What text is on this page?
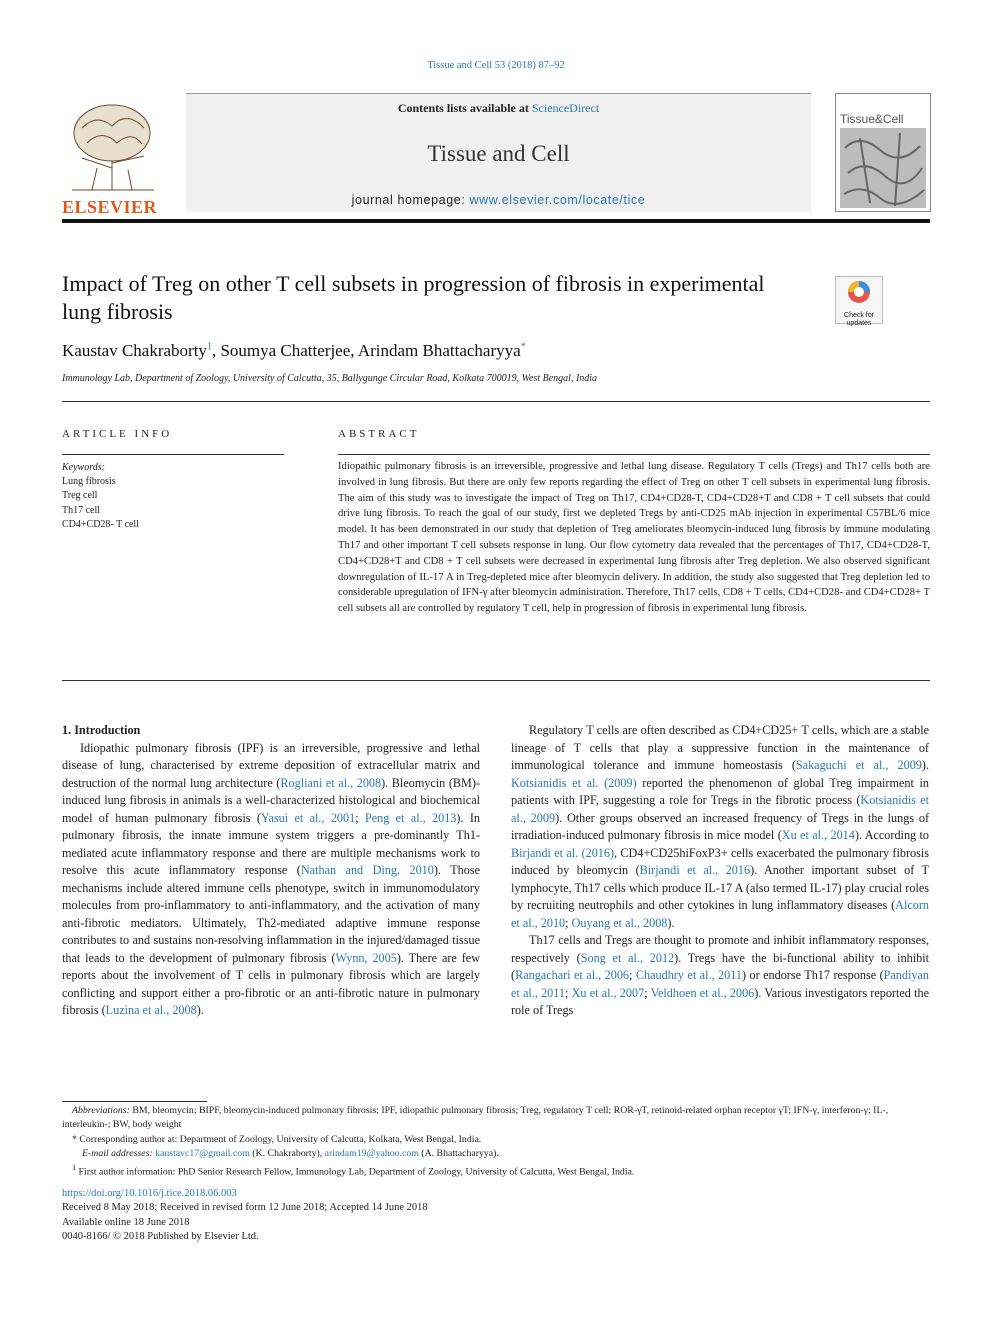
Tissue and Cell 53 (2018) 87–92
ELSEVIER
Contents lists available at ScienceDirect
Tissue and Cell
journal homepage: www.elsevier.com/locate/tice
Tissue&Cell
Impact of Treg on other T cell subsets in progression of fibrosis in experimental lung fibrosis	Check for updates
Kaustav Chakraborty$^1$, Soumya Chatterjee, Arindam Bhattacharyya*
Immunology Lab, Department of Zoology, University of Calcutta, 35, Ballygunge Circular Road, Kolkata 700019, West Bengal, India
ARTICLE INFO	ABSTRACT
Keywords:
Lung fibrosis
Treg cell
Th17 cell
CD4+CD28- T cell
Idiopathic pulmonary fibrosis is an irreversible, progressive and lethal lung disease. Regulatory T cells (Tregs) and Th17 cells both are involved in lung fibrosis. But there are only few reports regarding the effect of Treg on other T cell subsets in experimental lung fibrosis. The aim of this study was to investigate the impact of Treg on Th17, CD4+CD28-T, CD4+CD28+T and CD8 + T cell subsets that could drive lung fibrosis. To reach the goal of our study, first we depleted Tregs by anti-CD25 mAb injection in experimental C57BL/6 mice model. It has been demonstrated in our study that depletion of Treg ameliorates bleomycin-induced lung fibrosis by immune modulating Th17 and other important T cell subsets response in lung. Our flow cytometry data revealed that the percentages of Th17, CD4+CD28-T, CD4+CD28+T and CD8 + T cell subsets were decreased in experimental lung fibrosis after Treg depletion. We also observed significant downregulation of IL-17 A in Treg-depleted mice after bleomycin delivery. In addition, the study also suggested that Treg depletion led to considerable upregulation of IFN-γ after bleomycin administration. Therefore, Th17 cells, CD8 + T cells, CD4+CD28- and CD4+CD28+ T cell subsets all are controlled by regulatory T cell, help in progression of fibrosis in experimental lung fibrosis.

1. Introduction

Idiopathic pulmonary fibrosis (IPF) is an irreversible, progressive and lethal disease of lung, characterised by extreme deposition of extracellular matrix and destruction of the normal lung architecture (Rogliani et al., 2008). Bleomycin (BM)-induced lung fibrosis in animals is a well-characterized histological and biochemical model of human pulmonary fibrosis (Yasui et al., 2001; Peng et al., 2013). In pulmonary fibrosis, the innate immune system triggers a pre-dominantly Th1-mediated acute inflammatory response and there are multiple mechanisms work to resolve this acute inflammatory response (Nathan and Ding, 2010). Those mechanisms include altered immune cells phenotype, switch in immunomodulatory molecules from pro-inflammatory to anti-inflammatory, and the activation of many anti-fibrotic mediators. Ultimately, Th2-mediated adaptive immune response contributes to and sustains non-resolving inflammation in the injured/damaged tissue that leads to the development of pulmonary fibrosis (Wynn, 2005). There are few reports about the involvement of T cells in pulmonary fibrosis which are largely conflicting and support either a pro-fibrotic or an anti-fibrotic nature in pulmonary fibrosis (Luzina et al., 2008).

Regulatory T cells are often described as CD4+CD25+ T cells, which are a stable lineage of T cells that play a suppressive function in the maintenance of immunological tolerance and immune homeostasis (Sakaguchi et al., 2009). Kotsianidis et al. (2009) reported the phenomenon of global Treg impairment in patients with IPF, suggesting a role for Tregs in the fibrotic process (Kotsianidis et al., 2009). Other groups observed an increased frequency of Tregs in the lungs of irradiation-induced pulmonary fibrosis in mice model (Xu et al., 2014). According to Birjandi et al. (2016), CD4+CD25hiFoxP3+ cells exacerbated the pulmonary fibrosis induced by bleomycin (Birjandi et al., 2016). Another important subset of T lymphocyte, Th17 cells which produce IL-17 A (also termed IL-17) play crucial roles by recruiting neutrophils and other cytokines in lung inflammatory diseases (Alcorn et al., 2010; Ouyang et al., 2008).

Th17 cells and Tregs are thought to promote and inhibit inflammatory responses, respectively (Song et al., 2012). Tregs have the bi-functional ability to inhibit (Rangachari et al., 2006; Chaudhry et al., 2011) or endorse Th17 response (Pandiyan et al., 2011; Xu et al., 2007; Veldhoen et al., 2006). Various investigators reported the role of Tregs

Abbreviations: BM, bleomycin; BIPF, bleomycin-induced pulmonary fibrosis; IPF, idiopathic pulmonary fibrosis; Treg, regulatory T cell; ROR-γT, retinoid-related orphan receptor γT; IFN-γ, interferon-γ; IL-, interleukin-; BW, body weight
* Corresponding author at: Department of Zoology, University of Calcutta, Kolkata, West Bengal, India.
E-mail addresses: kaustavc17@gmail.com (K. Chakraborty), arindam19@yahoo.com (A. Bhattacharyya).
$^1$ First author information: PhD Senior Research Fellow, Immunology Lab, Department of Zoology, University of Calcutta, West Bengal, India.
https://doi.org/10.1016/j.tice.2018.06.003
Received 8 May 2018; Received in revised form 12 June 2018; Accepted 14 June 2018
Available online 18 June 2018
0040-8166/ © 2018 Published by Elsevier Ltd.
